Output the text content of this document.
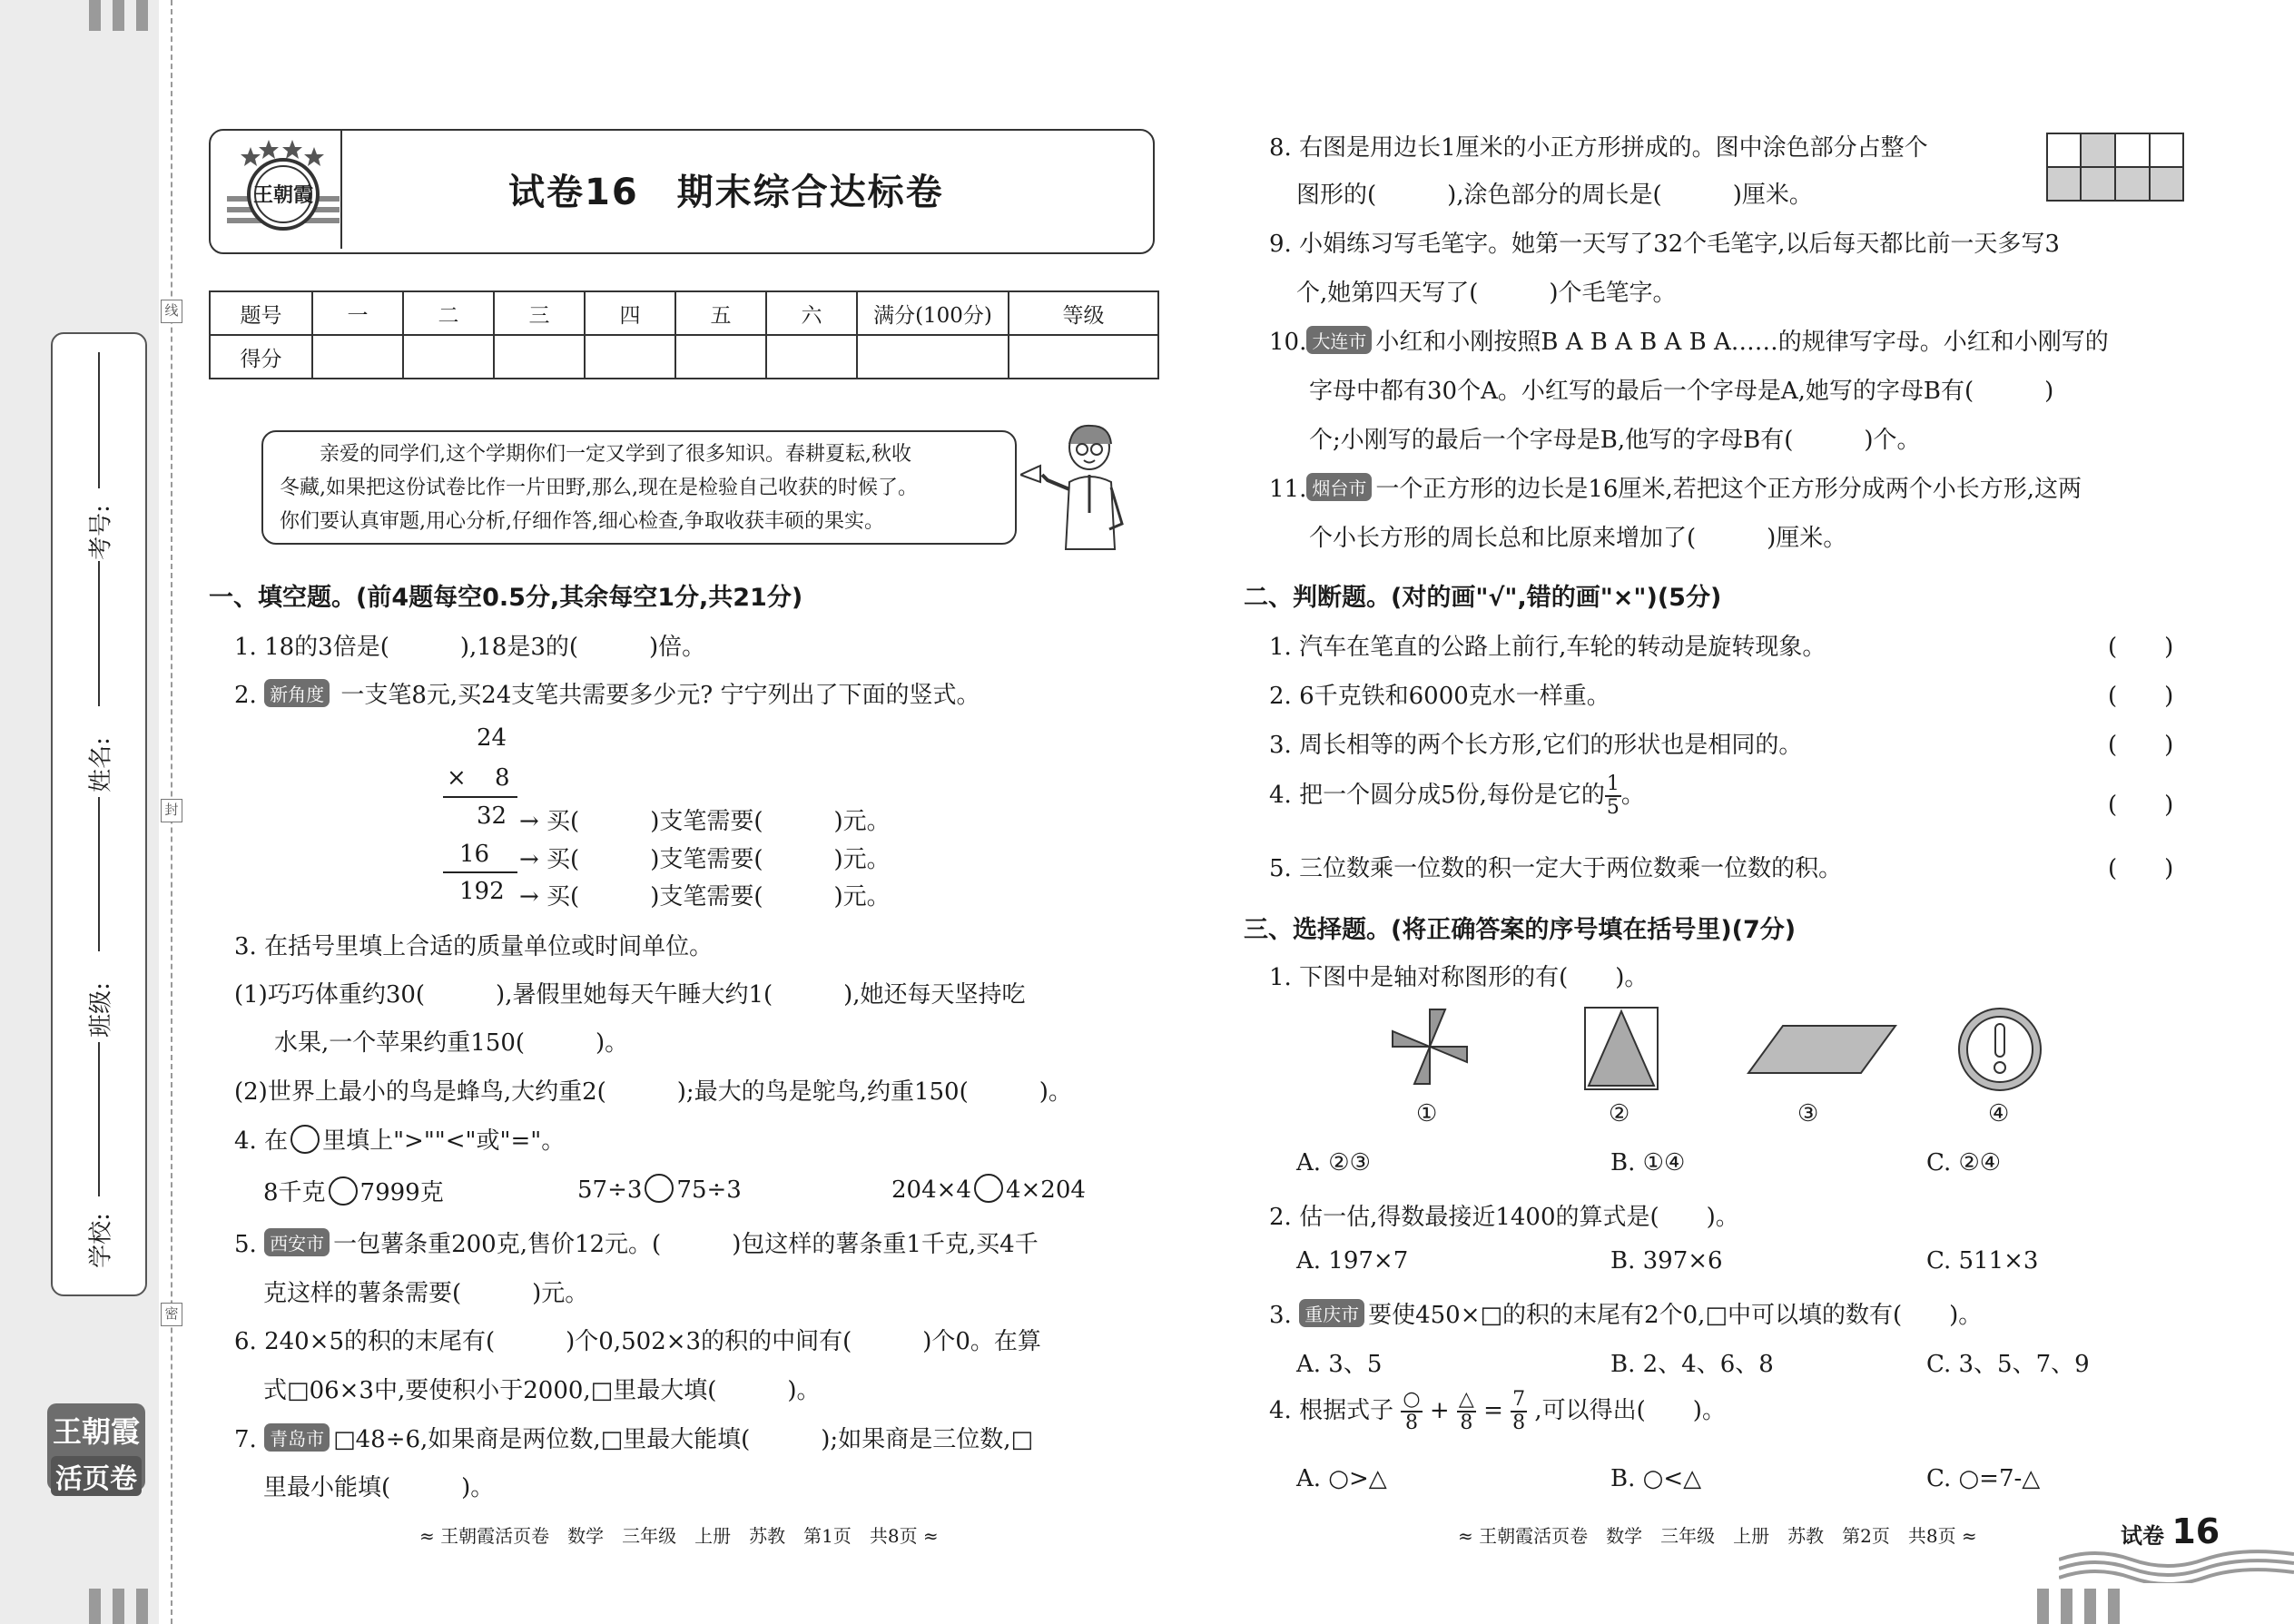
线
封
密
考号:
姓名:
班级:
学校:
王朝霞
活页卷
王朝霞	试卷16　期末综合达标卷
题号	一	二	三	四	五	六	满分(100分)	等级
得分								
亲爱的同学们,这个学期你们一定又学到了很多知识。春耕夏耘,秋收
冬藏,如果把这份试卷比作一片田野,那么,现在是检验自己收获的时候了。
你们要认真审题,用心分析,仔细作答,细心检查,争取收获丰硕的果实。
一、填空题。(前4题每空0.5分,其余每空1分,共21分)
1. 18的3倍是(　　　),18是3的(　　　)倍。
2. 新角度 一支笔8元,买24支笔共需要多少元? 宁宁列出了下面的竖式。
24
× 8
32
16
192
→ 买(　　　)支笔需要(　　　)元。
→ 买(　　　)支笔需要(　　　)元。
→ 买(　　　)支笔需要(　　　)元。
3. 在括号里填上合适的质量单位或时间单位。
(1)巧巧体重约30(　　　),暑假里她每天午睡大约1(　　　),她还每天坚持吃
水果,一个苹果约重150(　　　)。
(2)世界上最小的鸟是蜂鸟,大约重2(　　　);最大的鸟是鸵鸟,约重150(　　　)。
4. 在 里填上">""<"或"="。
8千克 7999克	57÷3 75÷3	204×4 4×204
5. 西安市 一包薯条重200克,售价12元。(　　　)包这样的薯条重1千克,买4千
克这样的薯条需要(　　　)元。
6. 240×5的积的末尾有(　　　)个0,502×3的积的中间有(　　　)个0。在算
式□06×3中,要使积小于2000,□里最大填(　　　)。
7. 青岛市 □48÷6,如果商是两位数,□里最大能填(　　　);如果商是三位数,□
里最小能填(　　　)。
≈ 王朝霞活页卷　数学　三年级　上册　苏教　第1页　共8页 ≈
8. 右图是用边长1厘米的小正方形拼成的。图中涂色部分占整个
图形的(　　　),涂色部分的周长是(　　　)厘米。
9. 小娟练习写毛笔字。她第一天写了32个毛笔字,以后每天都比前一天多写3
个,她第四天写了(　　　)个毛笔字。
10. 大连市 小红和小刚按照B A B A B A B A……的规律写字母。小红和小刚写的
字母中都有30个A。小红写的最后一个字母是A,她写的字母B有(　　　)
个;小刚写的最后一个字母是B,他写的字母B有(　　　)个。
11. 烟台市 一个正方形的边长是16厘米,若把这个正方形分成两个小长方形,这两
个小长方形的周长总和比原来增加了(　　　)厘米。
二、判断题。(对的画"√",错的画"×")(5分)
1. 汽车在笔直的公路上前行,车轮的转动是旋转现象。
2. 6千克铁和6000克水一样重。
3. 周长相等的两个长方形,它们的形状也是相同的。
4. 把一个圆分成5份,每份是它的 $\frac{1}{5}$ 。
5. 三位数乘一位数的积一定大于两位数乘一位数的积。
(　　)
(　　)
(　　)
(　　)
(　　)
三、选择题。(将正确答案的序号填在括号里)(7分)
1. 下图中是轴对称图形的有(　　)。
①	②	③	④
A. ②③	B. ①④	C. ②④
2. 估一估,得数最接近1400的算式是(　　)。
A. 197×7	B. 397×6	C. 511×3
3. 重庆市 要使450×□的积的末尾有2个0,□中可以填的数有(　　)。
A. 3、5	B. 2、4、6、8	C. 3、5、7、9
4. 根据式子 $\frac{○}{8} + \frac{\triangle}{8} = \frac{7}{8}$ ,可以得出(　　)。
A. ○>△	B. ○<△	C. ○=7-△
≈ 王朝霞活页卷　数学　三年级　上册　苏教　第2页　共8页 ≈	试卷 16
